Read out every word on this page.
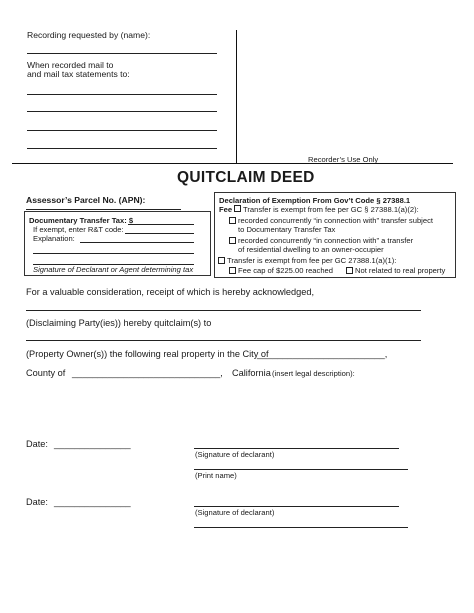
Recording requested by (name):
When recorded mail to
and mail tax statements to:
Recorder’s Use Only
QUITCLAIM DEED
Assessor’s Parcel No. (APN):
Documentary Transfer Tax: $
If exempt, enter R&T code:
Explanation:
Signature of Declarant or Agent determining tax
Declaration of Exemption From Gov’t Code § 27388.1
Fee Transfer is exempt from fee per GC § 27388.1(a)(2):
recorded concurrently “in connection with” transfer subject
to Documentary Transfer Tax
recorded concurrently “in connection with” a transfer
of residential dwelling to an owner-occupier
Transfer is exempt from fee per GC 27388.1(a)(1):
Fee cap of $225.00 reached	Not related to real property
For a valuable consideration, receipt of which is hereby acknowledged,
(Disclaiming Party(ies)) hereby quitclaim(s) to
(Property Owner(s)) the following real property in the City of
_________________________,
County of _____________________________, California (insert legal description):
Date: _______________
(Signature of declarant)
(Print name)
Date: _______________
(Signature of declarant)
